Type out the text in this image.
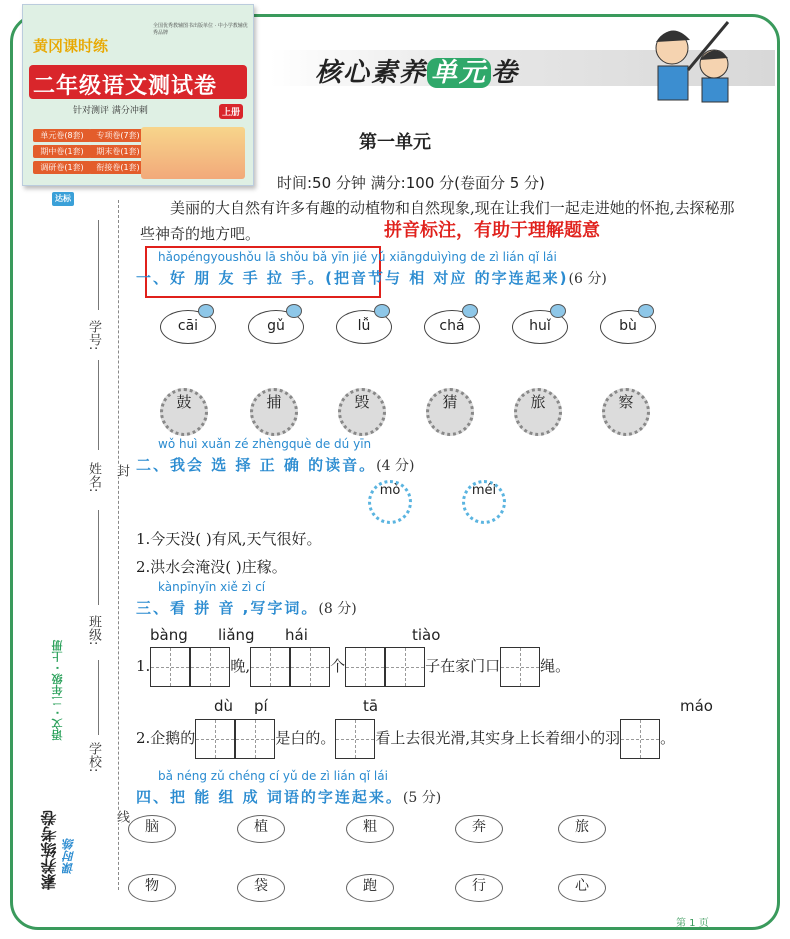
黄冈课时练
全国优秀教辅图书出版单位 · 中小学教辅优秀品牌
二年级语文测试卷
针对测评 满分冲刺	上册
单元卷(8套)	专项卷(7套)
期中卷(1套)	期末卷(1套)
调研卷(1套)	衔接卷(1套)
达标评价
核心素养 单元 卷
第一单元
时间:50 分钟 满分:100 分(卷面分 5 分)
美丽的大自然有许多有趣的动植物和自然现象,现在让我们一起走进她的怀抱,去探秘那些神奇的地方吧。	拼音标注，有助于理解题意
hǎopéngyoushǒu lā shǒu bǎ yīn jié yǔ xiāngduìyìng de zì lián qǐ lái
一、好 朋 友 手 拉 手。(把音节与 相 对应 的字连起来)(6 分)
cāi	gǔ	lǚ	chá	huǐ	bù
鼓	捕	毁	猜	旅	察
wǒ huì xuǎn zé zhèngquè de dú yīn
二、我会 选 择 正 确 的读音。(4 分)
mò	méi
1.今天没( )有风,天气很好。
2.洪水会淹没( )庄稼。
kànpīnyīn xiě zì cí
三、看 拼 音 ,写字词。(8 分)
bàng liǎng hái	tiào
1.	晚,	个	子在家门口	绳。
dù pí	tā	máo
2.企鹅的	是白的。	看上去很光滑,其实身上长着细小的羽	。
bǎ néng zǔ chéng cí yǔ de zì lián qǐ lái
四、把 能 组 成 词语的字连起来。(5 分)
脑	植	粗	奔	旅
物	袋	跑	行	心
学号:
姓名: 封
班级:
学校:
线
语文 · 二年级 · 上册
素养练考卷 课时练
第 1 页
